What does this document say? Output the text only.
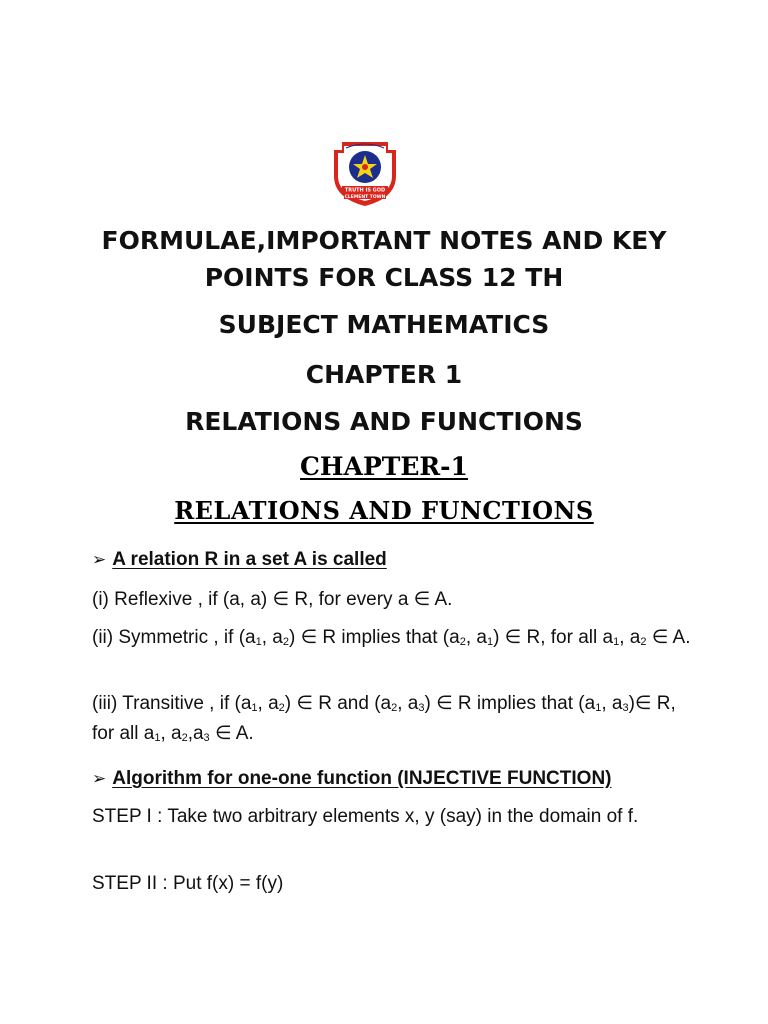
TRUTH IS GOD
CLEMENT TOWN
FORMULAE,IMPORTANT NOTES AND KEY
POINTS FOR CLASS 12 TH
SUBJECT MATHEMATICS
CHAPTER 1
RELATIONS AND FUNCTIONS
CHAPTER-1
RELATIONS AND FUNCTIONS
➢ A relation R in a set A is called
(i) Reflexive , if (a, a) ∈ R, for every a ∈ A.
(ii) Symmetric , if ($a_1$, $a_2$) ∈ R implies that ($a_2$, $a_1$) ∈ R, for all $a_1$, $a_2$ ∈ A.
(iii) Transitive , if ($a_1$, $a_2$) ∈ R and ($a_2$, $a_3$) ∈ R implies that ($a_1$, $a_3)\in$ R, for all $a_1$, $a_2,a_3$ ∈ A.
➢ Algorithm for one-one function (INJECTIVE FUNCTION)
STEP I : Take two arbitrary elements x, y (say) in the domain of f.
STEP II : Put f(x) = f(y)
